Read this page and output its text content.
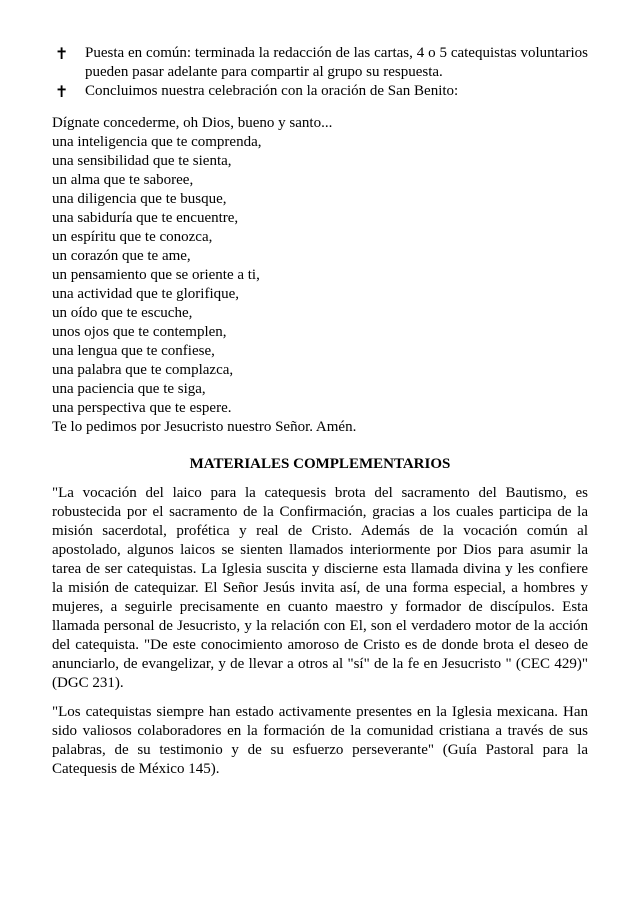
✝	Puesta en común: terminada la redacción de las cartas, 4 o 5 catequistas voluntarios pueden pasar adelante para compartir al grupo su respuesta.
✝	Concluimos nuestra celebración con la oración de San Benito:
Dígnate concederme, oh Dios, bueno y santo...
una inteligencia que te comprenda,
una sensibilidad que te sienta,
un alma que te saboree,
una diligencia que te busque,
una sabiduría que te encuentre,
un espíritu que te conozca,
un corazón que te ame,
un pensamiento que se oriente a ti,
una actividad que te glorifique,
un oído que te escuche,
unos ojos que te contemplen,
una lengua que te confiese,
una palabra que te complazca,
una paciencia que te siga,
una perspectiva que te espere.
Te lo pedimos por Jesucristo nuestro Señor. Amén.
MATERIALES COMPLEMENTARIOS

"La vocación del laico para la catequesis brota del sacramento del Bautismo, es robustecida por el sacramento de la Confirmación, gracias a los cuales participa de la misión sacerdotal, profética y real de Cristo. Además de la vocación común al apostolado, algunos laicos se sienten llamados interiormente por Dios para asumir la tarea de ser catequistas. La Iglesia suscita y discierne esta llamada divina y les confiere la misión de catequizar. El Señor Jesús invita así, de una forma especial, a hombres y mujeres, a seguirle precisamente en cuanto maestro y formador de discípulos. Esta llamada personal de Jesucristo, y la relación con El, son el verdadero motor de la acción del catequista. "De este conocimiento amoroso de Cristo es de donde brota el deseo de anunciarlo, de evangelizar, y de llevar a otros al "sí" de la fe en Jesucristo " (CEC 429)" (DGC 231).

"Los catequistas siempre han estado activamente presentes en la Iglesia mexicana. Han sido valiosos colaboradores en la formación de la comunidad cristiana a través de sus palabras, de su testimonio y de su esfuerzo perseverante" (Guía Pastoral para la Catequesis de México 145).
